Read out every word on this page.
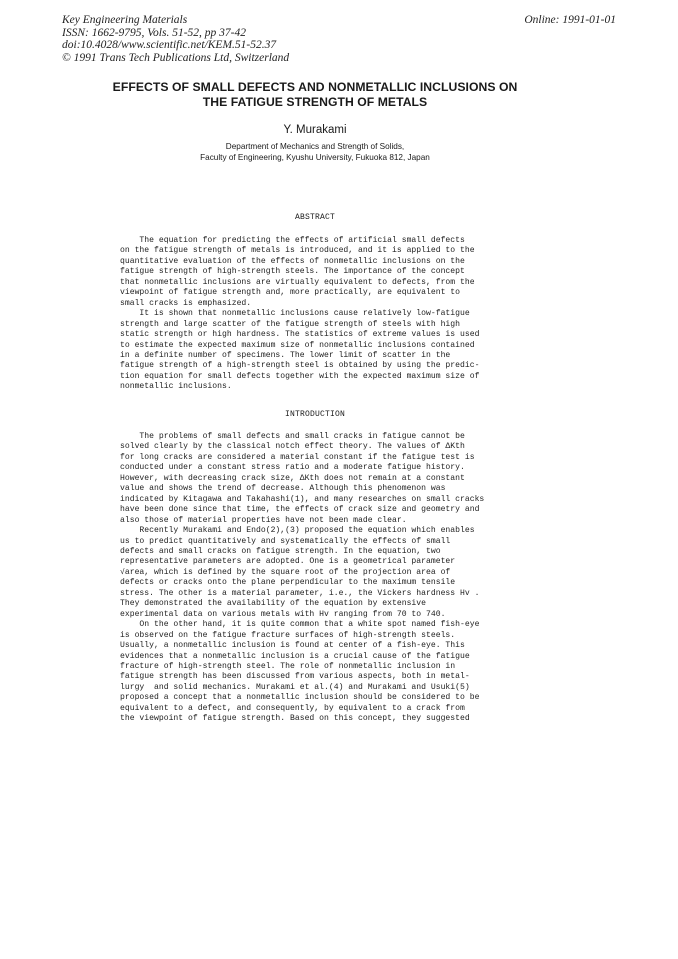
Key Engineering Materials
ISSN: 1662-9795, Vols. 51-52, pp 37-42
doi:10.4028/www.scientific.net/KEM.51-52.37
© 1991 Trans Tech Publications Ltd, Switzerland
Online: 1991-01-01
EFFECTS OF SMALL DEFECTS AND NONMETALLIC INCLUSIONS ON
THE FATIGUE STRENGTH OF METALS
Y. Murakami
Department of Mechanics and Strength of Solids,
Faculty of Engineering, Kyushu University, Fukuoka 812, Japan
ABSTRACT
The equation for predicting the effects of artificial small defects
on the fatigue strength of metals is introduced, and it is applied to the
quantitative evaluation of the effects of nonmetallic inclusions on the
fatigue strength of high-strength steels. The importance of the concept
that nonmetallic inclusions are virtually equivalent to defects, from the
viewpoint of fatigue strength and, more practically, are equivalent to
small cracks is emphasized.
It is shown that nonmetallic inclusions cause relatively low-fatigue
strength and large scatter of the fatigue strength of steels with high
static strength or high hardness. The statistics of extreme values is used
to estimate the expected maximum size of nonmetallic inclusions contained
in a definite number of specimens. The lower limit of scatter in the
fatigue strength of a high-strength steel is obtained by using the predic-
tion equation for small defects together with the expected maximum size of
nonmetallic inclusions.
INTRODUCTION
The problems of small defects and small cracks in fatigue cannot be
solved clearly by the classical notch effect theory. The values of ΔKth
for long cracks are considered a material constant if the fatigue test is
conducted under a constant stress ratio and a moderate fatigue history.
However, with decreasing crack size, ΔKth does not remain at a constant
value and shows the trend of decrease. Although this phenomenon was
indicated by Kitagawa and Takahashi(1), and many researches on small cracks
have been done since that time, the effects of crack size and geometry and
also those of material properties have not been made clear.
Recently Murakami and Endo(2),(3) proposed the equation which enables
us to predict quantitatively and systematically the effects of small
defects and small cracks on fatigue strength. In the equation, two
representative parameters are adopted. One is a geometrical parameter
√area, which is defined by the square root of the projection area of
defects or cracks onto the plane perpendicular to the maximum tensile
stress. The other is a material parameter, i.e., the Vickers hardness Hv .
They demonstrated the availability of the equation by extensive
experimental data on various metals with Hv ranging from 70 to 740.
On the other hand, it is quite common that a white spot named fish-eye
is observed on the fatigue fracture surfaces of high-strength steels.
Usually, a nonmetallic inclusion is found at center of a fish-eye. This
evidences that a nonmetallic inclusion is a crucial cause of the fatigue
fracture of high-strength steel. The role of nonmetallic inclusion in
fatigue strength has been discussed from various aspects, both in metal-
lurgy  and solid mechanics. Murakami et al.(4) and Murakami and Usuki(5)
proposed a concept that a nonmetallic inclusion should be considered to be
equivalent to a defect, and consequently, by equivalent to a crack from
the viewpoint of fatigue strength. Based on this concept, they suggested
